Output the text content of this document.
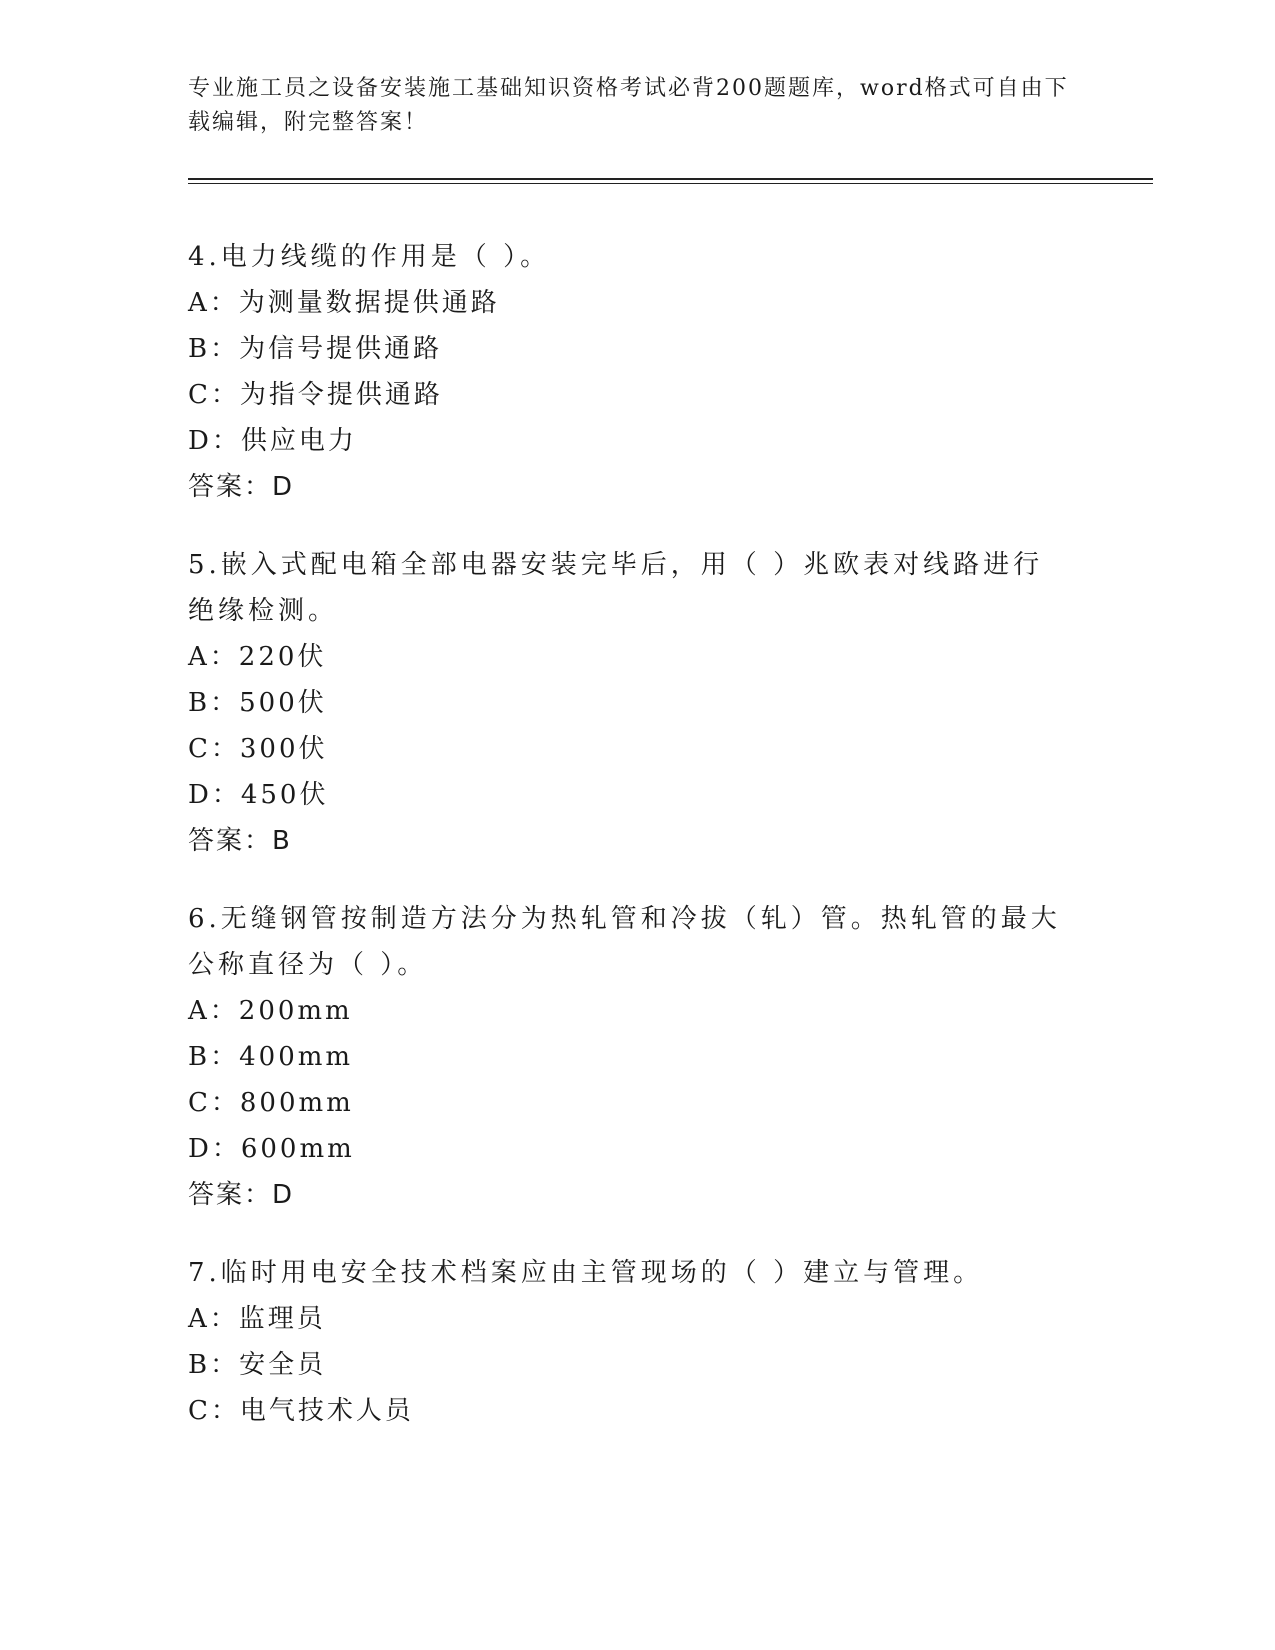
专业施工员之设备安装施工基础知识资格考试必背200题题库，word格式可自由下载编辑，附完整答案！

4.电力线缆的作用是（ ）。

A：为测量数据提供通路

B：为信号提供通路

C：为指令提供通路

D：供应电力

答案：D

5.嵌入式配电箱全部电器安装完毕后，用（ ）兆欧表对线路进行绝缘检测。

A：220伏

B：500伏

C：300伏

D：450伏

答案：B

6.无缝钢管按制造方法分为热轧管和冷拔（轧）管。热轧管的最大公称直径为（ ）。

A：200mm

B：400mm

C：800mm

D：600mm

答案：D

7.临时用电安全技术档案应由主管现场的（ ）建立与管理。

A：监理员

B：安全员

C：电气技术人员
